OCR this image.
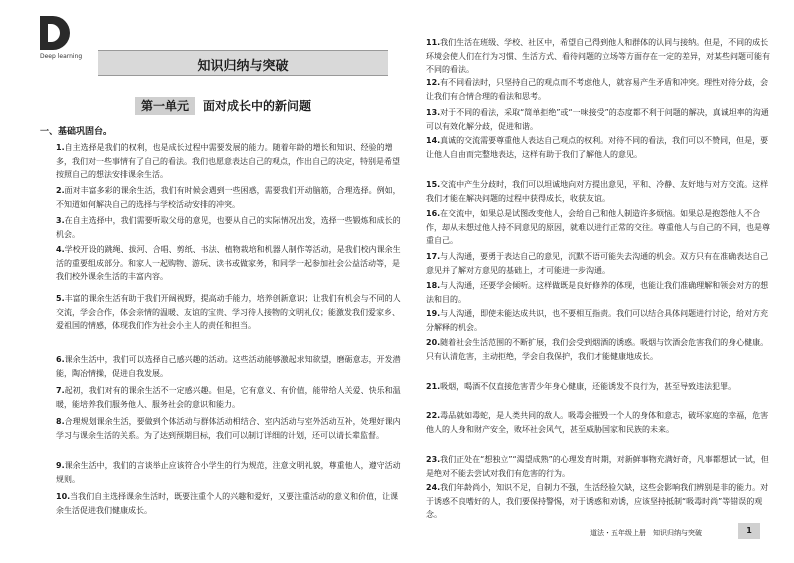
Deep learning
知识归纳与突破
第一单元 面对成长中的新问题
一、基础巩固台。
1.自主选择是我们的权利，也是成长过程中需要发展的能力。随着年龄的增长和知识、经验的增多，我们对一些事情有了自己的看法。我们也愿意表达自己的观点，作出自己的决定，特别是希望按照自己的想法安排课余生活。
2.面对丰富多彩的课余生活，我们有时候会遇到一些困惑，需要我们开动脑筋，合理选择。例如，不知道如何解决自己的选择与学校活动安排的冲突。
3.在自主选择中，我们需要听取父母的意见，也要从自己的实际情况出发，选择一些锻炼和成长的机会。
4.学校开设的跳绳、拔河、合唱、剪纸、书法、植物栽培和机器人制作等活动，是我们校内课余生活的重要组成部分。和家人一起购物、游玩、读书或做家务，和同学一起参加社会公益活动等，是我们校外课余生活的丰富内容。
5.丰富的课余生活有助于我们开阔视野，提高动手能力，培养创新意识；让我们有机会与不同的人交流，学会合作，体会亲情的温暖、友谊的宝贵、学习待人接物的文明礼仪；能激发我们爱家乡、爱祖国的情感，体现我们作为社会小主人的责任和担当。
6.课余生活中，我们可以选择自己感兴趣的活动。这些活动能够激起求知欲望，磨砺意志，开发潜能，陶冶情操，促进自我发展。
7.起初，我们对有的课余生活不一定感兴趣。但是，它有意义、有价值，能带给人关爱、快乐和温暖，能培养我们服务他人、服务社会的意识和能力。
8.合理规划课余生活，要做到个体活动与群体活动相结合、室内活动与室外活动互补，处理好课内学习与课余生活的关系。为了达到预期目标，我们可以制订详细的计划，还可以请长辈监督。
9.课余生活中，我们的言谈举止应该符合小学生的行为规范，注意文明礼貌，尊重他人，遵守活动规则。
10.当我们自主选择课余生活时，既要注重个人的兴趣和爱好，又要注重活动的意义和价值，让课余生活促进我们健康成长。
11.我们生活在班级、学校、社区中，希望自己得到他人和群体的认同与接纳。但是，不同的成长环境会使人们在行为习惯、生活方式、看待问题的立场等方面存在一定的差异，对某些问题可能有不同的看法。
12.有不同看法时，只坚持自己的观点而不考虑他人，就容易产生矛盾和冲突。理性对待分歧，会让我们有合情合理的看法和思考。
13.对于不同的看法，采取“简单拒绝”或“一味接受”的态度都不利于问题的解决，真诚坦率的沟通可以有效化解分歧，促进和谐。
14.真诚的交流需要尊重他人表达自己观点的权利。对待不同的看法，我们可以不赞同，但是，要让他人自由而完整地表达，这样有助于我们了解他人的意见。
15.交流中产生分歧时，我们可以坦诚地向对方提出意见，平和、冷静、友好地与对方交流。这样我们才能在解决问题的过程中获得成长，收获友谊。
16.在交流中，如果总是试图改变他人，会给自己和他人制造许多烦恼。如果总是抱怨他人不合作，却从未想过他人持不同意见的原因，就难以进行正常的交往。尊重他人与自己的不同，也是尊重自己。
17.与人沟通，要勇于表达自己的意见，沉默不语可能失去沟通的机会。双方只有在准确表达自己意见并了解对方意见的基础上，才可能进一步沟通。
18.与人沟通，还要学会倾听。这样做既是良好修养的体现，也能让我们准确理解和领会对方的想法和目的。
19.与人沟通，即使未能达成共识，也不要相互指责。我们可以结合具体问题进行讨论，给对方充分解释的机会。
20.随着社会生活范围的不断扩展，我们会受到烟酒的诱惑。吸烟与饮酒会危害我们的身心健康。只有认清危害，主动拒绝，学会自我保护，我们才能健康地成长。
21.吸烟，喝酒不仅直接危害青少年身心健康，还能诱发不良行为，甚至导致违法犯罪。
22.毒品就如毒蛇，是人类共同的敌人。吸毒会摧毁一个人的身体和意志，破坏家庭的幸福，危害他人的人身和财产安全，败坏社会风气，甚至威胁国家和民族的未来。
23.我们正处在“想独立”“渴望成熟”的心理发育时期，对新鲜事物充满好奇，凡事都想试一试，但是绝对不能去尝试对我们有危害的行为。
24.我们年龄尚小，知识不足，自制力不强，生活经验欠缺，这些会影响我们辨别是非的能力。对于诱惑不良嗜好的人，我们要保持警惕，对于诱惑和劝诱，应该坚持抵制“吸毒时尚”等错误的观念。
道法・五年级上册　知识归纳与突破	1
